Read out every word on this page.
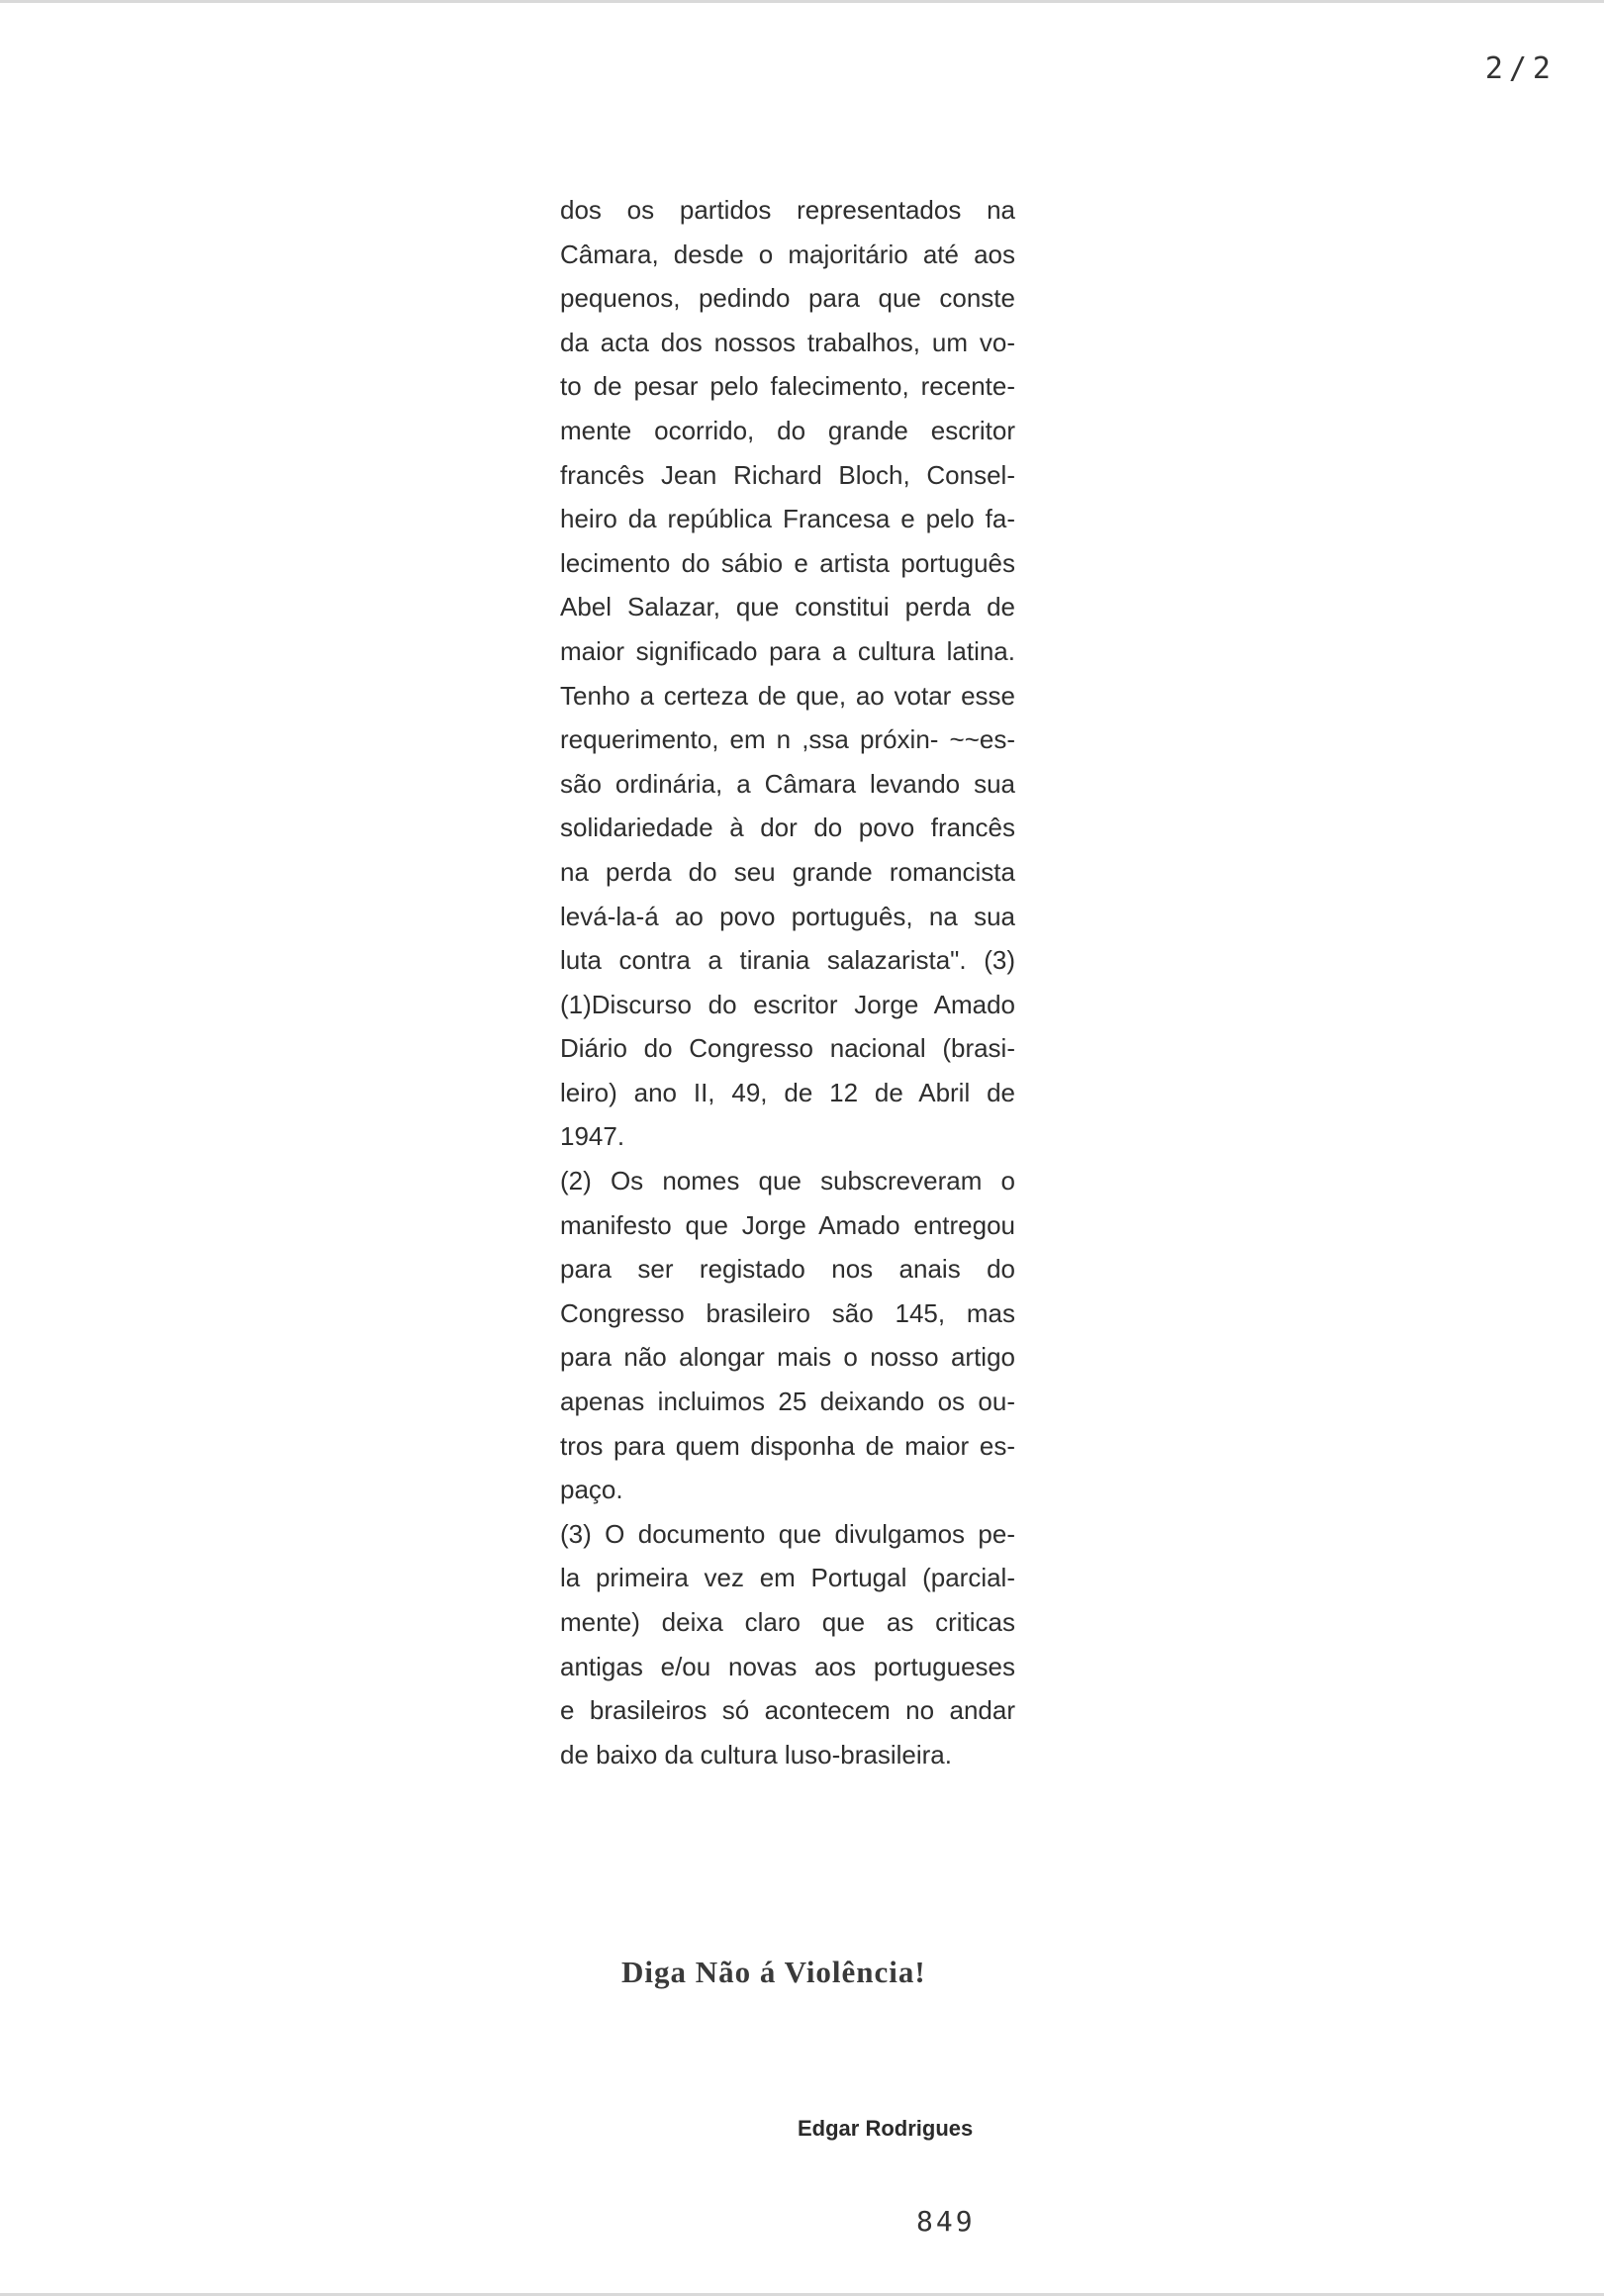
2/2
dos os partidos representados na
Câmara, desde o majoritário até aos
pequenos, pedindo para que conste
da acta dos nossos trabalhos, um vo-
to de pesar pelo falecimento, recente-
mente ocorrido, do grande escritor
francês Jean Richard Bloch, Consel-
heiro da república Francesa e pelo fa-
lecimento do sábio e artista português
Abel Salazar, que constitui perda de
maior significado para a cultura latina.
Tenho a certeza de que, ao votar esse
requerimento, em n ,ssa próxin- ~~es-
são ordinária, a Câmara levando sua
solidariedade à dor do povo francês
na perda do seu grande romancista
levá-la-á ao povo português, na sua
luta contra a tirania salazarista". (3)
(1)Discurso do escritor Jorge Amado
Diário do Congresso nacional (brasi-
leiro) ano II, 49, de 12 de Abril de
1947.
(2) Os nomes que subscreveram o
manifesto que Jorge Amado entregou
para ser registado nos anais do
Congresso brasileiro são 145, mas
para não alongar mais o nosso artigo
apenas incluimos 25 deixando os ou-
tros para quem disponha de maior es-
paço.
(3) O documento que divulgamos pe-
la primeira vez em Portugal (parcial-
mente) deixa claro que as criticas
antigas e/ou novas aos portugueses
e brasileiros só acontecem no andar
de baixo da cultura luso-brasileira.
Diga Não á Violência!
Edgar Rodrigues
849
